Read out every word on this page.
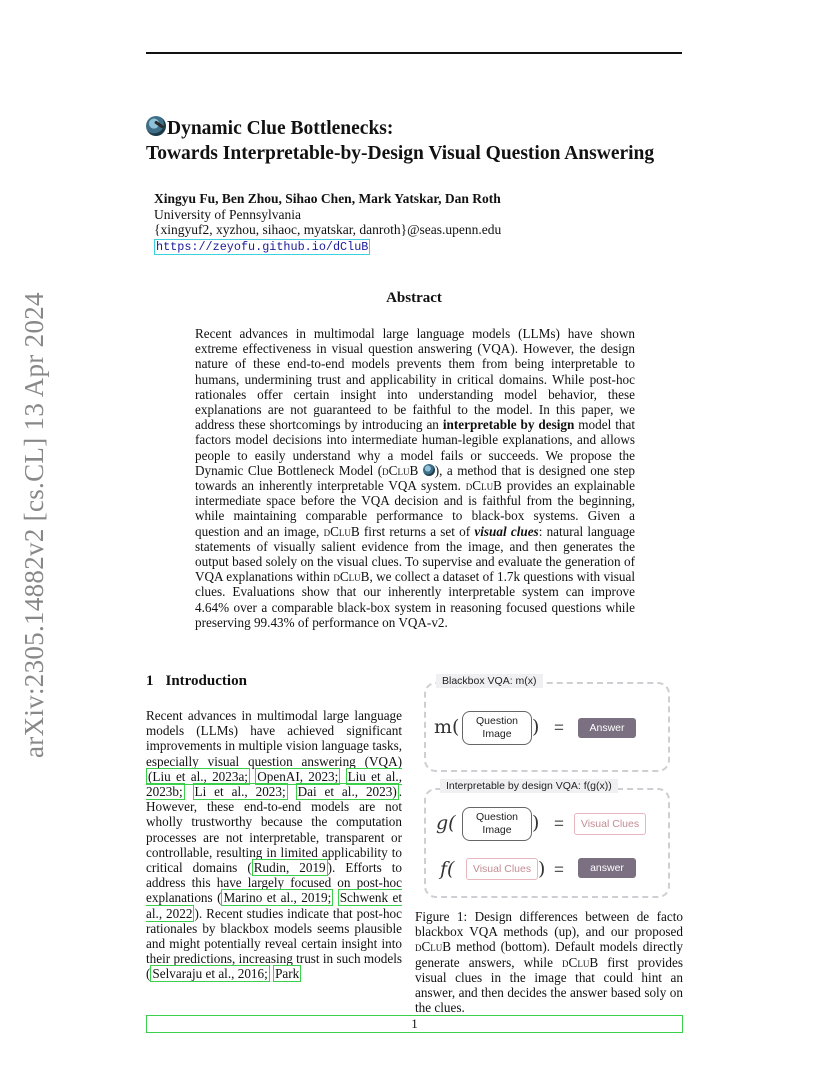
arXiv:2305.14882v2 [cs.CL] 13 Apr 2024
Dynamic Clue Bottlenecks:
Towards Interpretable-by-Design Visual Question Answering
Xingyu Fu, Ben Zhou, Sihao Chen, Mark Yatskar, Dan Roth
University of Pennsylvania
{xingyuf2, xyzhou, sihaoc, myatskar, danroth}@seas.upenn.edu
https://zeyofu.github.io/dCluB
Abstract
Recent advances in multimodal large language models (LLMs) have shown extreme effectiveness in visual question answering (VQA). However, the design nature of these end-to-end models prevents them from being interpretable to humans, undermining trust and applicability in critical domains. While post-hoc rationales offer certain insight into understanding model behavior, these explanations are not guaranteed to be faithful to the model. In this paper, we address these shortcomings by introducing an interpretable by design model that factors model decisions into intermediate human-legible explanations, and allows people to easily understand why a model fails or succeeds. We propose the Dynamic Clue Bottleneck Model (dCluB ), a method that is designed one step towards an inherently interpretable VQA system. dCluB provides an explainable intermediate space before the VQA decision and is faithful from the beginning, while maintaining comparable performance to black-box systems. Given a question and an image, dCluB first returns a set of visual clues: natural language statements of visually salient evidence from the image, and then generates the output based solely on the visual clues. To supervise and evaluate the generation of VQA explanations within dCluB, we collect a dataset of 1.7k questions with visual clues. Evaluations show that our inherently interpretable system can improve 4.64% over a comparable black-box system in reasoning focused questions while preserving 99.43% of performance on VQA-v2.
1 Introduction
Recent advances in multimodal large language models (LLMs) have achieved significant improvements in multiple vision language tasks, especially visual question answering (VQA) (Liu et al., 2023a; OpenAI, 2023; Liu et al., 2023b; Li et al., 2023; Dai et al., 2023) . However, these end-to-end models are not wholly trustworthy because the computation processes are not interpretable, transparent or controllable, resulting in limited applicability to critical domains ( Rudin, 2019 ). Efforts to address this have largely focused on post-hoc explanations ( Marino et al., 2019; Schwenk et al., 2022 ). Recent studies indicate that post-hoc rationales by blackbox models seems plausible and might potentially reveal certain insight into their predictions, increasing trust in such models ( Selvaraju et al., 2016; Park
Blackbox VQA: m(x)
m(	Question Image	) =	Answer
Interpretable by design VQA: f(g(x))
g(	Question Image	) =	Visual Clues
f(	Visual Clues ) =	answer
Figure 1: Design differences between de facto blackbox VQA methods (up), and our proposed dCluB method (bottom). Default models directly generate answers, while dCluB first provides visual clues in the image that could hint an answer, and then decides the answer based soly on the clues.
1
